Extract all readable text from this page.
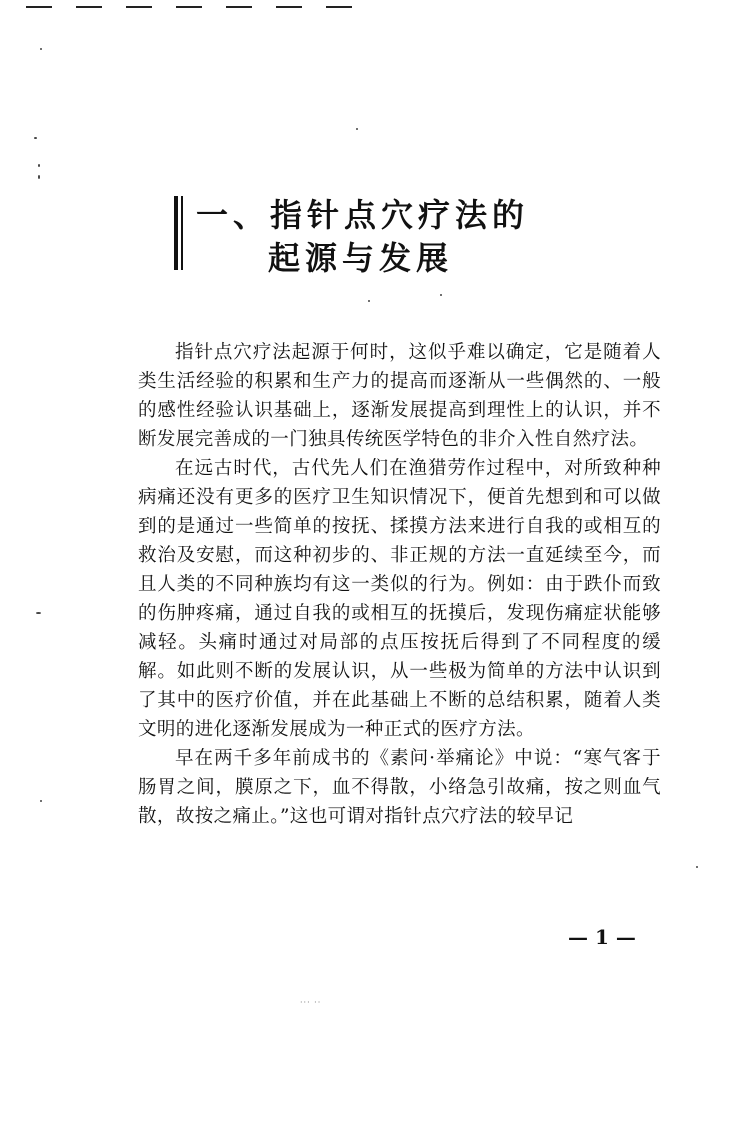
一、指针点穴疗法的
起源与发展

指针点穴疗法起源于何时，这似乎难以确定，它是随着人类生活经验的积累和生产力的提高而逐渐从一些偶然的、一般的感性经验认识基础上，逐渐发展提高到理性上的认识，并不断发展完善成的一门独具传统医学特色的非介入性自然疗法。

在远古时代，古代先人们在渔猎劳作过程中，对所致种种病痛还没有更多的医疗卫生知识情况下，便首先想到和可以做到的是通过一些简单的按抚、揉摸方法来进行自我的或相互的救治及安慰，而这种初步的、非正规的方法一直延续至今，而且人类的不同种族均有这一类似的行为。例如：由于跌仆而致的伤肿疼痛，通过自我的或相互的抚摸后，发现伤痛症状能够减轻。头痛时通过对局部的点压按抚后得到了不同程度的缓解。如此则不断的发展认识，从一些极为简单的方法中认识到了其中的医疗价值，并在此基础上不断的总结积累，随着人类文明的进化逐渐发展成为一种正式的医疗方法。

早在两千多年前成书的《素问·举痛论》中说：“寒气客于肠胃之间，膜原之下，血不得散，小络急引故痛，按之则血气散，故按之痛止。”这也可谓对指针点穴疗法的较早记

— 1 —
··· ··
